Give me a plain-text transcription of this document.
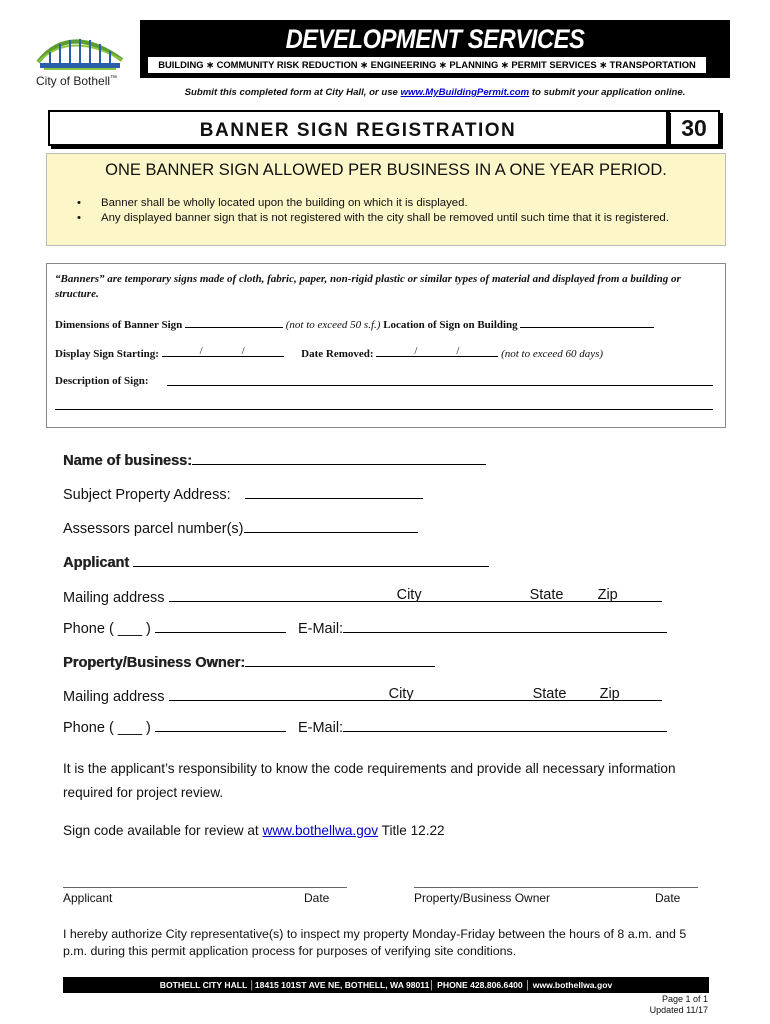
City of Bothell™
DEVELOPMENT SERVICES
BUILDING ∗ COMMUNITY RISK REDUCTION ∗ ENGINEERING ∗ PLANNING ∗ PERMIT SERVICES ∗ TRANSPORTATION
Submit this completed form at City Hall, or use www.MyBuildingPermit.com to submit your application online.
BANNER SIGN REGISTRATION	30
ONE BANNER SIGN ALLOWED PER BUSINESS IN A ONE YEAR PERIOD.
• Banner shall be wholly located upon the building on which it is displayed.
• Any displayed banner sign that is not registered with the city shall be removed until such time that it is registered.
“Banners” are temporary signs made of cloth, fabric, paper, non-rigid plastic or similar types of material and displayed from a building or structure.
Dimensions of Banner Sign	(not to exceed 50 s.f.) Location of Sign on Building
Display Sign Starting:	/	/	Date Removed:	/	/	(not to exceed 60 days)
Description of Sign:
Name of business:
Subject Property Address:
Assessors parcel number(s)
Applicant
Mailing address	City	State Zip
Phone ( ___ )	E-Mail:
Property/Business Owner:
Mailing address	City	State Zip
Phone ( ___ )	E-Mail:
It is the applicant’s responsibility to know the code requirements and provide all necessary information required for project review.
Sign code available for review at www.bothellwa.gov Title 12.22
Applicant	Date	Property/Business Owner	Date
I hereby authorize City representative(s) to inspect my property Monday-Friday between the hours of 8 a.m. and 5 p.m. during this permit application process for purposes of verifying site conditions.
BOTHELL CITY HALL │18415 101ST AVE NE, BOTHELL, WA 98011│ PHONE 428.806.6400 │ www.bothellwa.gov
Page 1 of 1
Updated 11/17
